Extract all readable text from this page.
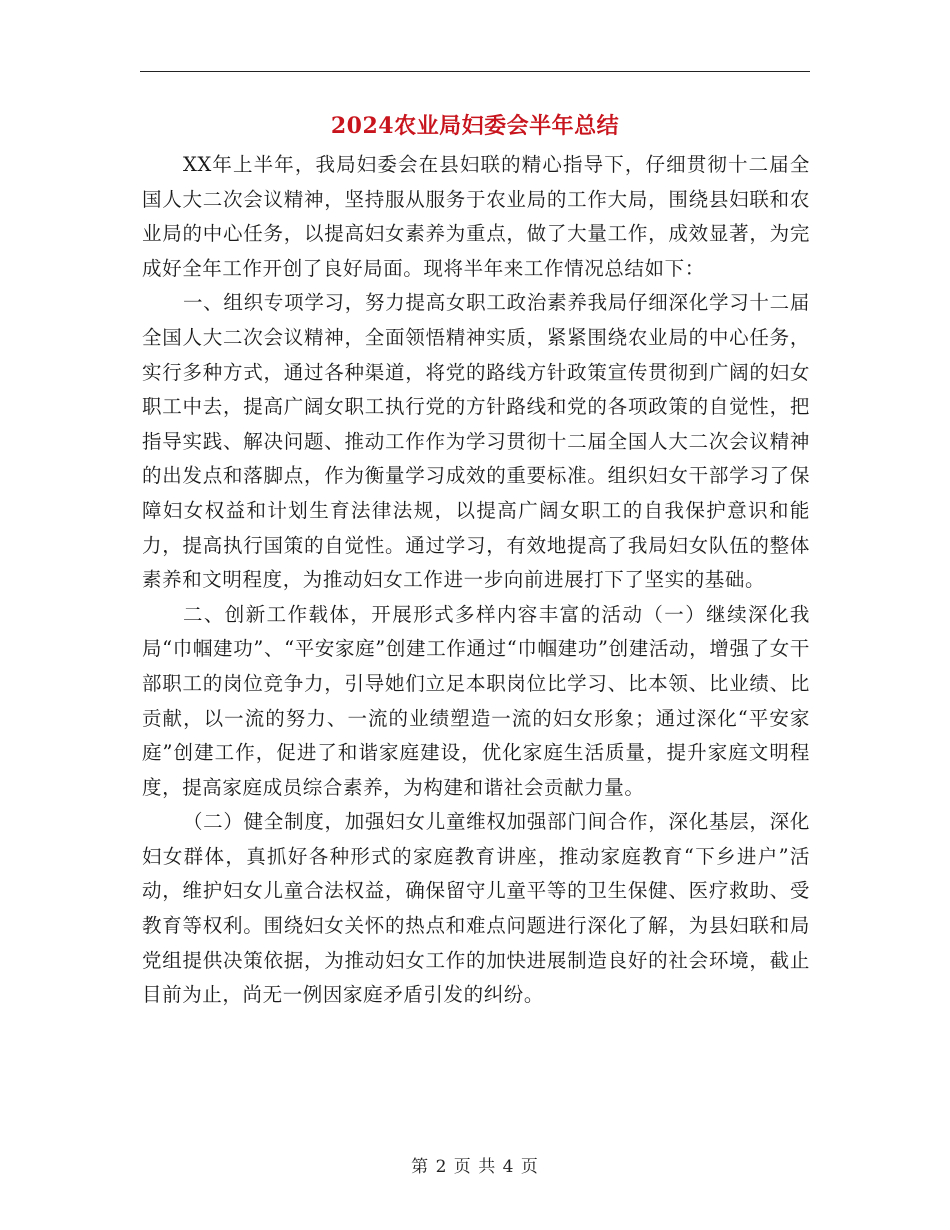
2024农业局妇委会半年总结

XX年上半年，我局妇委会在县妇联的精心指导下，仔细贯彻十二届全国人大二次会议精神，坚持服从服务于农业局的工作大局，围绕县妇联和农业局的中心任务，以提高妇女素养为重点，做了大量工作，成效显著，为完成好全年工作开创了良好局面。现将半年来工作情况总结如下：

一、组织专项学习，努力提高女职工政治素养我局仔细深化学习十二届全国人大二次会议精神，全面领悟精神实质，紧紧围绕农业局的中心任务，实行多种方式，通过各种渠道，将党的路线方针政策宣传贯彻到广阔的妇女职工中去，提高广阔女职工执行党的方针路线和党的各项政策的自觉性，把指导实践、解决问题、推动工作作为学习贯彻十二届全国人大二次会议精神的出发点和落脚点，作为衡量学习成效的重要标准。组织妇女干部学习了保障妇女权益和计划生育法律法规，以提高广阔女职工的自我保护意识和能力，提高执行国策的自觉性。通过学习，有效地提高了我局妇女队伍的整体素养和文明程度，为推动妇女工作进一步向前进展打下了坚实的基础。

二、创新工作载体，开展形式多样内容丰富的活动（一）继续深化我局“巾帼建功”、“平安家庭”创建工作通过“巾帼建功”创建活动，增强了女干部职工的岗位竞争力，引导她们立足本职岗位比学习、比本领、比业绩、比贡献，以一流的努力、一流的业绩塑造一流的妇女形象；通过深化“平安家庭”创建工作，促进了和谐家庭建设，优化家庭生活质量，提升家庭文明程度，提高家庭成员综合素养，为构建和谐社会贡献力量。

（二）健全制度，加强妇女儿童维权加强部门间合作，深化基层，深化妇女群体，真抓好各种形式的家庭教育讲座，推动家庭教育“下乡进户”活动，维护妇女儿童合法权益，确保留守儿童平等的卫生保健、医疗救助、受教育等权利。围绕妇女关怀的热点和难点问题进行深化了解，为县妇联和局党组提供决策依据，为推动妇女工作的加快进展制造良好的社会环境，截止目前为止，尚无一例因家庭矛盾引发的纠纷。

第 2 页 共 4 页
